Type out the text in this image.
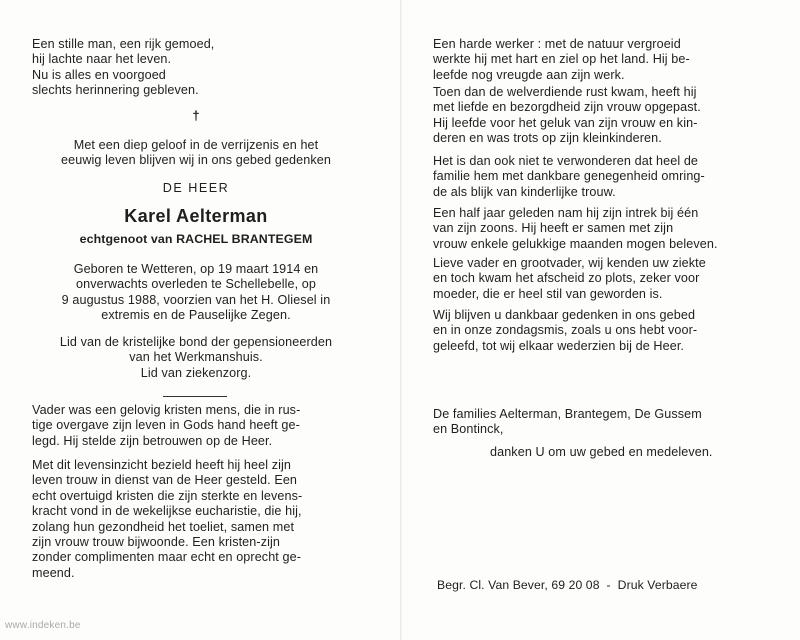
Een stille man, een rijk gemoed,

hij lachte naar het leven.

Nu is alles en voorgoed

slechts herinnering gebleven.

†

Met een diep geloof in de verrijzenis en het

eeuwig leven blijven wij in ons gebed gedenken

DE HEER
Karel Aelterman
echtgenoot van RACHEL BRANTEGEM

Geboren te Wetteren, op 19 maart 1914 en

onverwachts overleden te Schellebelle, op

9 augustus 1988, voorzien van het H. Oliesel in

extremis en de Pauselijke Zegen.

Lid van de kristelijke bond der gepensioneerden

van het Werkmanshuis.

Lid van ziekenzorg.

Vader was een gelovig kristen mens, die in rus-

tige overgave zijn leven in Gods hand heeft ge-

legd. Hij stelde zijn betrouwen op de Heer.

Met dit levensinzicht bezield heeft hij heel zijn

leven trouw in dienst van de Heer gesteld. Een

echt overtuigd kristen die zijn sterkte en levens-

kracht vond in de wekelijkse eucharistie, die hij,

zolang hun gezondheid het toeliet, samen met

zijn vrouw trouw bijwoonde. Een kristen-zijn

zonder complimenten maar echt en oprecht ge-

meend.

Een harde werker : met de natuur vergroeid

werkte hij met hart en ziel op het land. Hij be-

leefde nog vreugde aan zijn werk.

Toen dan de welverdiende rust kwam, heeft hij

met liefde en bezorgdheid zijn vrouw opgepast.

Hij leefde voor het geluk van zijn vrouw en kin-

deren en was trots op zijn kleinkinderen.

Het is dan ook niet te verwonderen dat heel de

familie hem met dankbare genegenheid omring-

de als blijk van kinderlijke trouw.

Een half jaar geleden nam hij zijn intrek bij één

van zijn zoons. Hij heeft er samen met zijn

vrouw enkele gelukkige maanden mogen beleven.

Lieve vader en grootvader, wij kenden uw ziekte

en toch kwam het afscheid zo plots, zeker voor

moeder, die er heel stil van geworden is.

Wij blijven u dankbaar gedenken in ons gebed

en in onze zondagsmis, zoals u ons hebt voor-

geleefd, tot wij elkaar wederzien bij de Heer.

De families Aelterman, Brantegem, De Gussem

en Bontinck,

danken U om uw gebed en medeleven.
Begr. Cl. Van Bever, 69 20 08  -  Druk Verbaere
www.indeken.be
